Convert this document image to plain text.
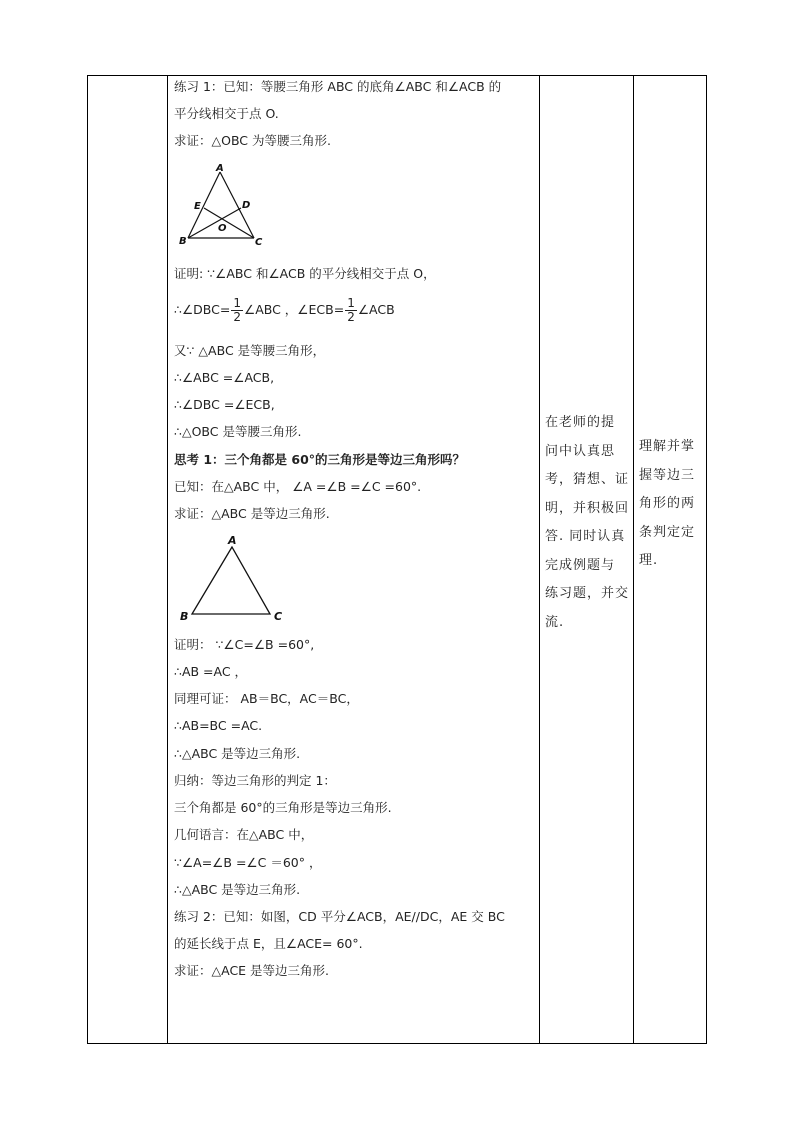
练习 1：已知：等腰三角形 ABC 的底角∠ABC 和∠ACB 的
平分线相交于点 O.
求证：△OBC 为等腰三角形.
A
B	C
D
E
O
证明: ∵∠ABC 和∠ACB 的平分线相交于点 O，
∴∠DBC= $\frac{1}{2}$ ∠ABC ，∠ECB= $\frac{1}{2}$ ∠ACB
又∵ △ABC 是等腰三角形，
∴∠ABC =∠ACB,
∴∠DBC =∠ECB,
∴△OBC 是等腰三角形.
思考 1：三个角都是 60°的三角形是等边三角形吗？
已知：在△ABC 中， ∠A =∠B =∠C =60°.
求证：△ABC 是等边三角形.
A
B	C
证明： ∵∠C=∠B =60°,
∴AB =AC ，
同理可证： AB＝BC，AC＝BC，
∴AB=BC =AC.
∴△ABC 是等边三角形.
归纳：等边三角形的判定 1：
三个角都是 60°的三角形是等边三角形.
几何语言：在△ABC 中，
∵∠A=∠B =∠C ＝60° ，
∴△ABC 是等边三角形.
练习 2：已知：如图，CD 平分∠ACB，AE//DC，AE 交 BC
的延长线于点 E，且∠ACE= 60°.
求证：△ACE 是等边三角形.
在老师的提
问中认真思
考，猜想、证
明，并积极回
答. 同时认真
完成例题与
练习题，并交
流.
理解并掌
握等边三
角形的两
条判定定
理.
